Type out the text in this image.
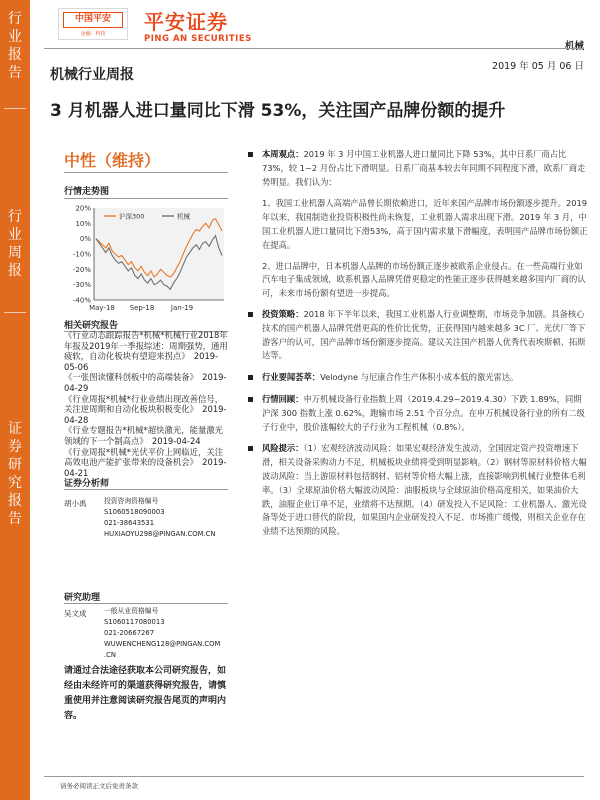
行
业
报
告
行
业
周
报
证
券
研
究
报
告
中国平安
金融 · 科技	平安证券
PING AN SECURITIES
机械
机械行业周报
2019 年 05 月 06 日
3 月机器人进口量同比下滑 53%，关注国产品牌份额的提升
中性（维持）
行情走势图
20%
10%
0%
-10%
-20%
-30%
-40%
May-18 Sep-18 Jan-19
沪深300	机械
相关研究报告

《行业动态跟踪报告*机械*机械行业2018年年报及2019年一季报综述：周期强势，通用疲软，自动化板块有望迎来拐点》　2019-05-06

《一张图读懂科创板中的高端装备》　2019-04-29

《行业周报*机械*行业业绩出现改善信号，关注逆周期和自动化板块积极变化》　2019-04-28

《行业专题报告*机械*超快激光，能量激光领域的下一个制高点》　2019-04-24

《行业周报*机械*光伏平价上网临近，关注高效电池产能扩张带来的设备机会》　2019-04-21

证券分析师
胡小禹	投资咨询资格编号
S1060518090003
021-38643531
HUXIAOYU298@PINGAN.COM.CN
研究助理
吴文成	一般从业资格编号
S1060117080013
021-20667267
WUWENCHENG128@PINGAN.COM
.CN
请通过合法途径获取本公司研究报告，如经由未经许可的渠道获得研究报告，请慎重使用并注意阅读研究报告尾页的声明内容。
本周观点：2019 年 3 月中国工业机器人进口量同比下降 53%，其中日系厂商占比 73%，较 1~2 月份占比下滑明显。日系厂商基本较去年同期不同程度下滑，欧系厂商走势明显。我们认为：
1、我国工业机器人高端产品曾长期依赖进口，近年来国产品牌市场份额逐步提升。2019 年以来，我国制造业投资积极性尚未恢复，工业机器人需求出现下滑。2019 年 3 月，中国工业机器人进口量同比下滑53%，高于国内需求量下滑幅度，表明国产品牌市场份额正在提高。
2、进口品牌中，日本机器人品牌的市场份额正逐步被欧系企业侵占。在一些高端行业如汽车电子集成领域，欧系机器人品牌凭借更稳定的性能正逐步获得越来越多国内厂商的认可，未来市场份额有望进一步提高。
投资策略：2018 年下半年以来，我国工业机器人行业调整期，市场竞争加剧。具备核心技术的国产机器人品牌凭借更高的性价比优势，正获得国内越来越多 3C 厂、光伏厂等下游客户的认可，国产品牌市场份额逐步提高。建议关注国产机器人优秀代表埃斯顿、拓斯达等。
行业要闻荟萃：Velodyne 与尼康合作生产体积小成本低的激光雷达。
行情回顾：申万机械设备行业指数上周（2019.4.29~2019.4.30）下跌 1.89%，同期沪深 300 指数上涨 0.62%，跑输市场 2.51 个百分点。在申万机械设备行业的所有二级子行业中，股价涨幅较大的子行业为工程机械（0.8%）。
风险提示：（1）宏观经济波动风险：如果宏观经济发生波动，全国固定资产投资增速下滑，相关设备采购动力不足，机械板块业绩将受到明显影响。（2）钢材等原材料价格大幅波动风险：当上游原材料包括钢材、铝材等价格大幅上涨，直接影响到机械行业整体毛利率。（3）全球原油价格大幅波动风险：油服板块与全球原油价格高度相关，如果油价大跌，油服企业订单不足，业绩将不达预期。（4）研发投入不足风险：工业机器人、激光设备等处于进口替代的阶段，如果国内企业研发投入不足、市场推广缓慢，则相关企业存在业绩不达预期的风险。
请务必阅读正文后免责条款
